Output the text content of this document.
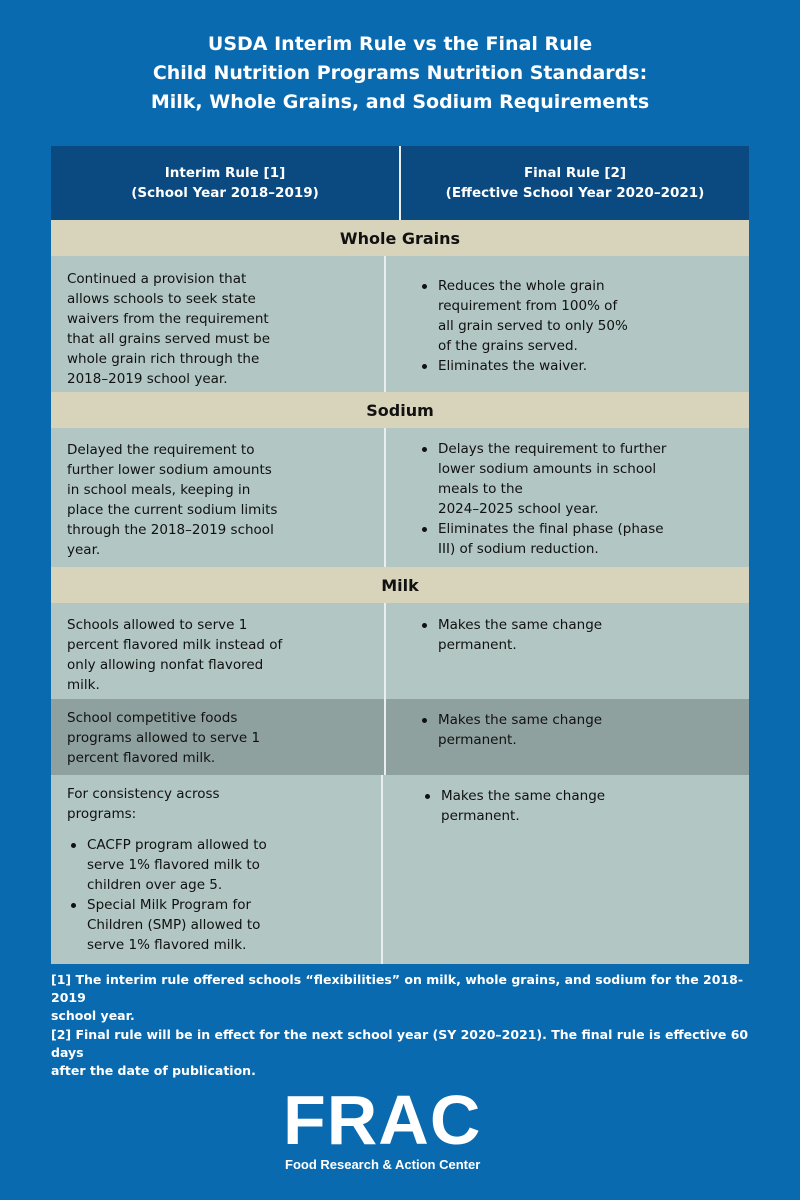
USDA Interim Rule vs the Final Rule
Child Nutrition Programs Nutrition Standards:
Milk, Whole Grains, and Sodium Requirements
Interim Rule [1]
(School Year 2018–2019)
Final Rule [2]
(Effective School Year 2020–2021)
Whole Grains
Continued a provision that
allows schools to seek state
waivers from the requirement
that all grains served must be
whole grain rich through the
2018–2019 school year.
Reduces the whole grain
requirement from 100% of
all grain served to only 50%
of the grains served.
Eliminates the waiver.
Sodium
Delayed the requirement to
further lower sodium amounts
in school meals, keeping in
place the current sodium limits
through the 2018–2019 school
year.
Delays the requirement to further
lower sodium amounts in school
meals to the
2024–2025 school year.
Eliminates the final phase (phase
III) of sodium reduction.
Milk
Schools allowed to serve 1
percent flavored milk instead of
only allowing nonfat flavored
milk.
Makes the same change
permanent.
School competitive foods
programs allowed to serve 1
percent flavored milk.
Makes the same change
permanent.
For consistency across
programs:
CACFP program allowed to
serve 1% flavored milk to
children over age 5.
Special Milk Program for
Children (SMP) allowed to
serve 1% flavored milk.
Makes the same change
permanent.
[1] The interim rule offered schools “flexibilities” on milk, whole grains, and sodium for the 2018-2019
school year.
[2] Final rule will be in effect for the next school year (SY 2020–2021). The final rule is effective 60 days
after the date of publication.
FRAC
Food Research & Action Center
